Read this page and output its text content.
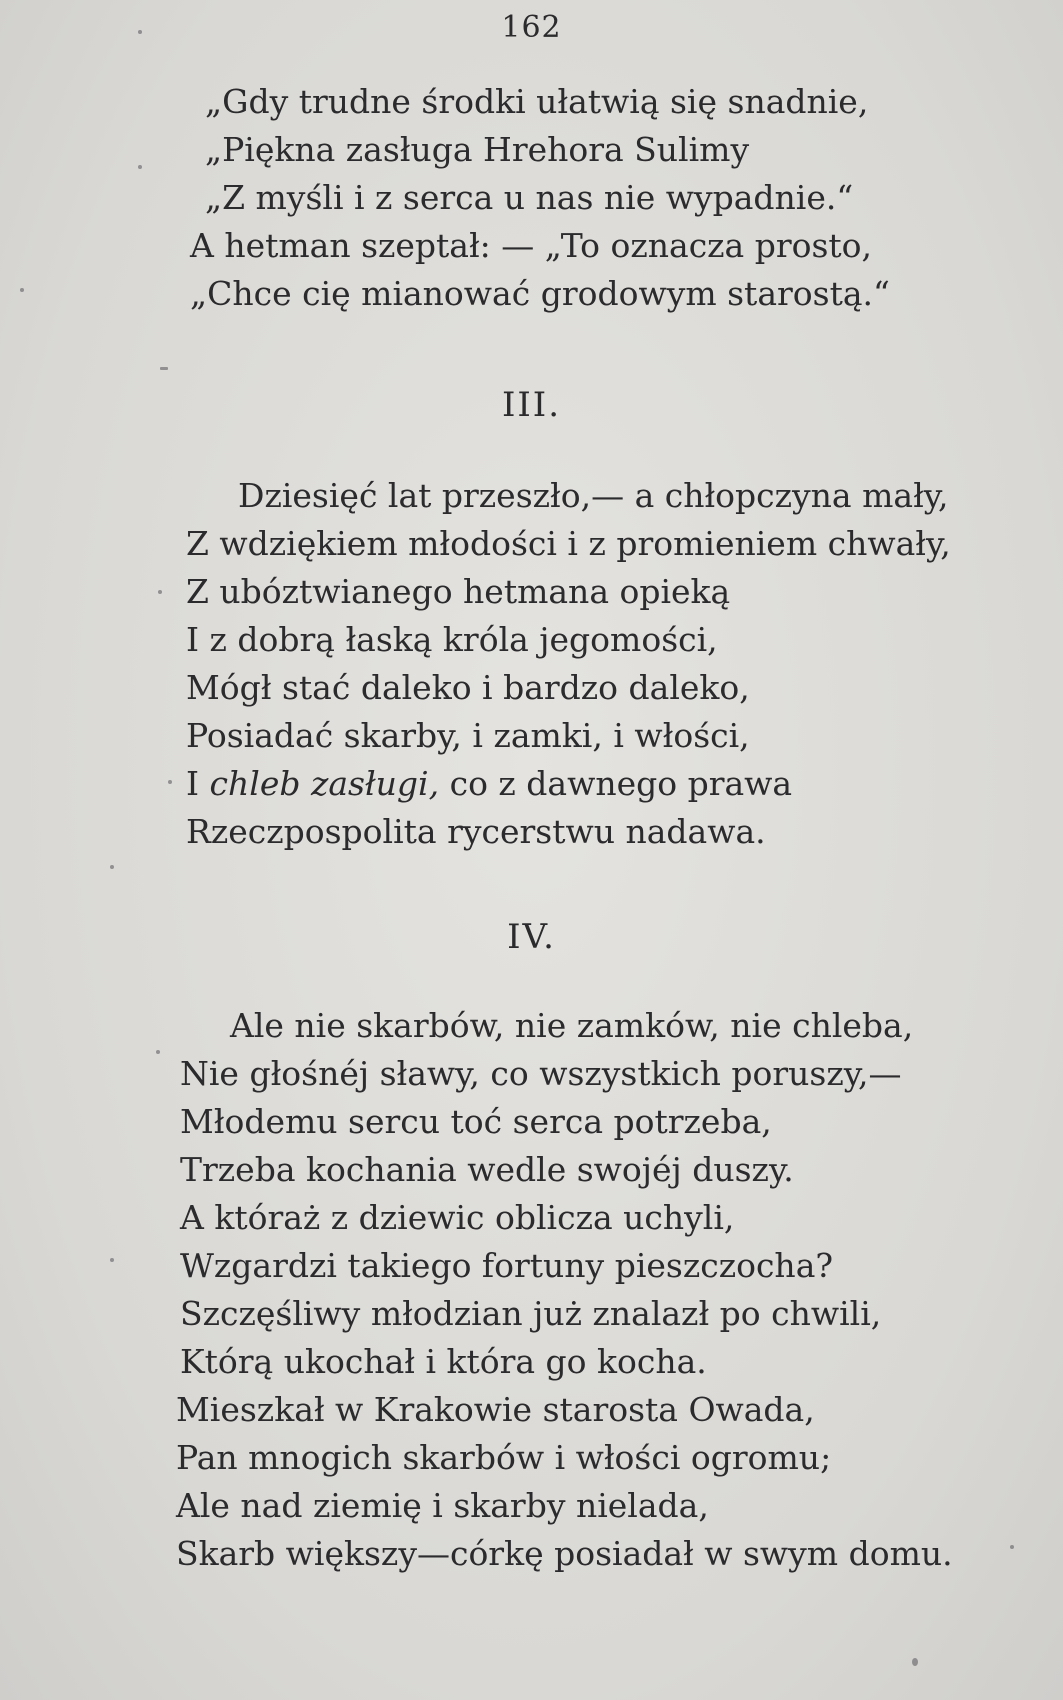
162
„Gdy trudne środki ułatwią się snadnie,
„Piękna zasługa Hrehora Sulimy
„Z myśli i z serca u nas nie wypadnie.“
A hetman szeptał: — „To oznacza prosto,
„Chce cię mianować grodowym starostą.“
III.
Dziesięć lat przeszło,— a chłopczyna mały,
Z wdziękiem młodości i z promieniem chwały,
Z ubóztwianego hetmana opieką
I z dobrą łaską króla jegomości,
Mógł stać daleko i bardzo daleko,
Posiadać skarby, i zamki, i włości,
I chleb zasługi, co z dawnego prawa
Rzeczpospolita rycerstwu nadawa.
IV.
Ale nie skarbów, nie zamków, nie chleba,
Nie głośnéj sławy, co wszystkich poruszy,—
Młodemu sercu toć serca potrzeba,
Trzeba kochania wedle swojéj duszy.
A któraż z dziewic oblicza uchyli,
Wzgardzi takiego fortuny pieszczocha?
Szczęśliwy młodzian już znalazł po chwili,
Którą ukochał i która go kocha.
Mieszkał w Krakowie starosta Owada,
Pan mnogich skarbów i włości ogromu;
Ale nad ziemię i skarby nielada,
Skarb większy—córkę posiadał w swym domu.
